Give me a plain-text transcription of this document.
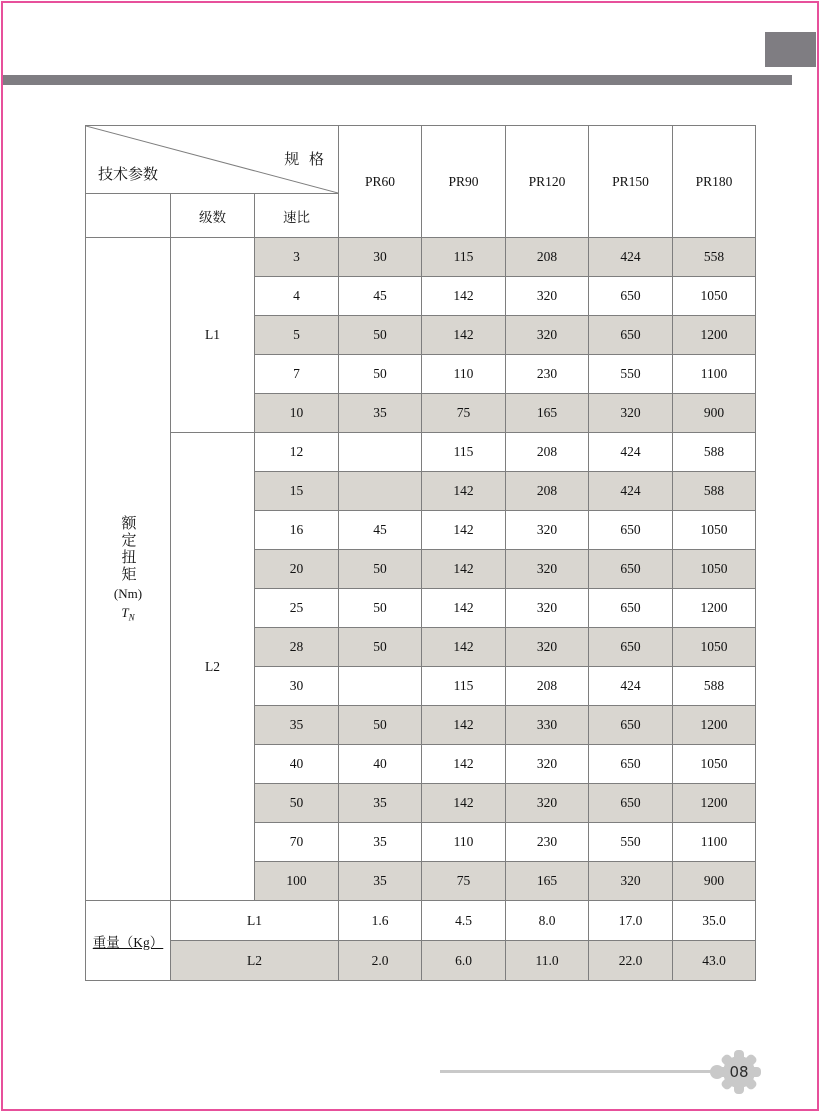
规 格
技术参数			PR60	PR90	PR120	PR150	PR180
	级数	速比					

额定扭矩
(Nm)
$T_N$	L1	3	30	115	208	424	558
		4	45	142	320	650	1050
		5	50	142	320	650	1200
		7	50	110	230	550	1100
		10	35	75	165	320	900
	L2	12		115	208	424	588
		15		142	208	424	588
		16	45	142	320	650	1050
		20	50	142	320	650	1050
		25	50	142	320	650	1200
		28	50	142	320	650	1050
		30		115	208	424	588
		35	50	142	330	650	1200
		40	40	142	320	650	1050
		50	35	142	320	650	1200
		70	35	110	230	550	1100
		100	35	75	165	320	900
重量（Kg）	L1		1.6	4.5	8.0	17.0	35.0
	L2		2.0	6.0	11.0	22.0	43.0
08
